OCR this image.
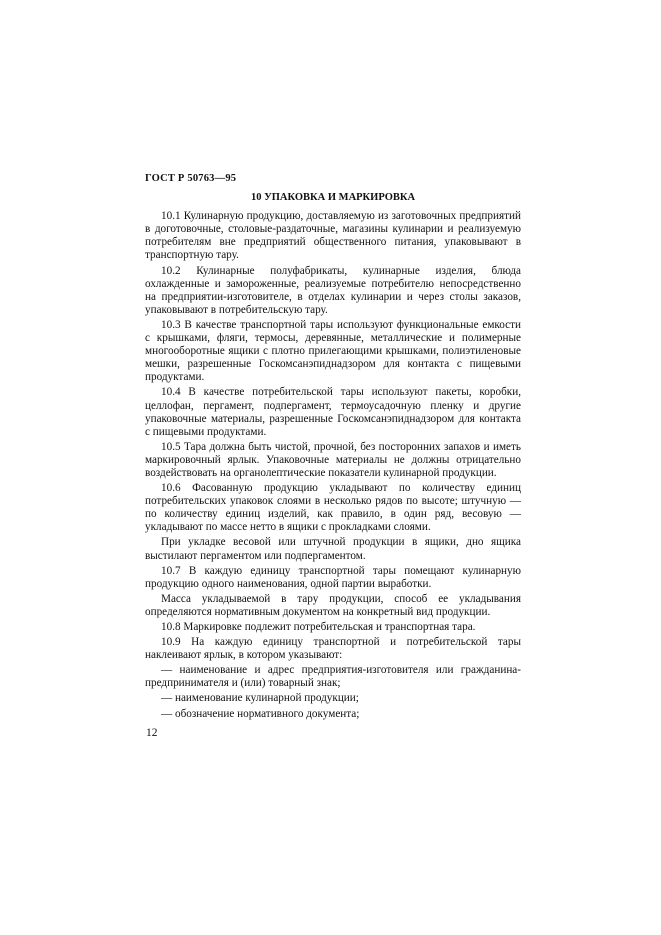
ГОСТ Р 50763—95
10 УПАКОВКА И МАРКИРОВКА

10.1 Кулинарную продукцию, доставляемую из заготовочных предприятий в доготовочные, столовые-раздаточные, магазины кулинарии и реализуемую потребителям вне предприятий общественного питания, упаковывают в транспортную тару.

10.2 Кулинарные полуфабрикаты, кулинарные изделия, блюда охлажденные и замороженные, реализуемые потребителю непосредственно на предприятии-изготовителе, в отделах кулинарии и через столы заказов, упаковывают в потребительскую тару.

10.3 В качестве транспортной тары используют функциональные емкости с крышками, фляги, термосы, деревянные, металлические и полимерные многооборотные ящики с плотно прилегающими крышками, полиэтиленовые мешки, разрешенные Госкомсанэпиднадзором для контакта с пищевыми продуктами.

10.4 В качестве потребительской тары используют пакеты, коробки, целлофан, пергамент, подпергамент, термоусадочную пленку и другие упаковочные материалы, разрешенные Госкомсанэпиднадзором для контакта с пищевыми продуктами.

10.5 Тара должна быть чистой, прочной, без посторонних запахов и иметь маркировочный ярлык. Упаковочные материалы не должны отрицательно воздействовать на органолептические показатели кулинарной продукции.

10.6 Фасованную продукцию укладывают по количеству единиц потребительских упаковок слоями в несколько рядов по высоте; штучную — по количеству единиц изделий, как правило, в один ряд, весовую — укладывают по массе нетто в ящики с прокладками слоями.

При укладке весовой или штучной продукции в ящики, дно ящика выстилают пергаментом или подпергаментом.

10.7 В каждую единицу транспортной тары помещают кулинарную продукцию одного наименования, одной партии выработки.

Масса укладываемой в тару продукции, способ ее укладывания определяются нормативным документом на конкретный вид продукции.

10.8 Маркировке подлежит потребительская и транспортная тара.

10.9 На каждую единицу транспортной и потребительской тары наклеивают ярлык, в котором указывают:

— наименование и адрес предприятия-изготовителя или гражданина-предпринимателя и (или) товарный знак;

— наименование кулинарной продукции;

— обозначение нормативного документа;

12
